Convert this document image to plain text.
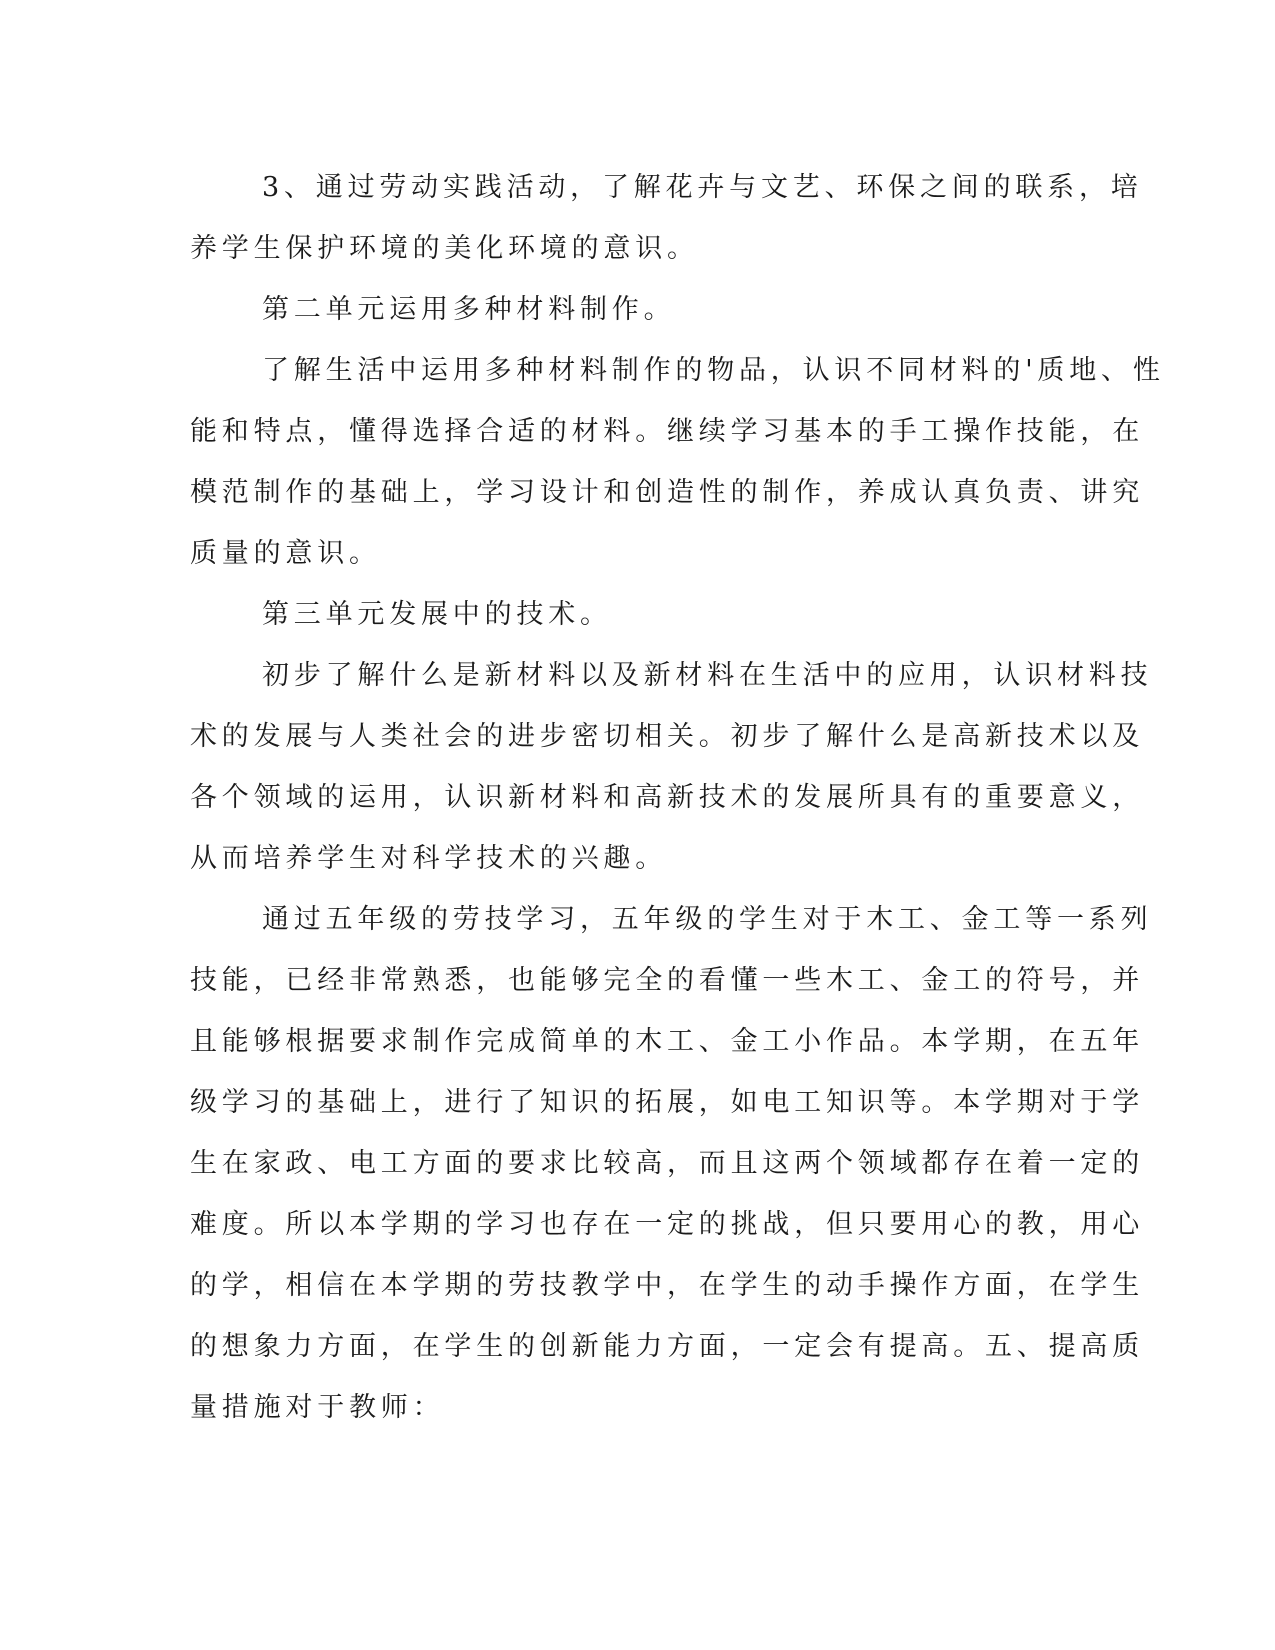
3、通过劳动实践活动，了解花卉与文艺、环保之间的联系，培
养学生保护环境的美化环境的意识。
第二单元运用多种材料制作。
了解生活中运用多种材料制作的物品，认识不同材料的'质地、性
能和特点，懂得选择合适的材料。继续学习基本的手工操作技能，在
模范制作的基础上，学习设计和创造性的制作，养成认真负责、讲究
质量的意识。
第三单元发展中的技术。
初步了解什么是新材料以及新材料在生活中的应用，认识材料技
术的发展与人类社会的进步密切相关。初步了解什么是高新技术以及
各个领域的运用，认识新材料和高新技术的发展所具有的重要意义，
从而培养学生对科学技术的兴趣。
通过五年级的劳技学习，五年级的学生对于木工、金工等一系列
技能，已经非常熟悉，也能够完全的看懂一些木工、金工的符号，并
且能够根据要求制作完成简单的木工、金工小作品。本学期，在五年
级学习的基础上，进行了知识的拓展，如电工知识等。本学期对于学
生在家政、电工方面的要求比较高，而且这两个领域都存在着一定的
难度。所以本学期的学习也存在一定的挑战，但只要用心的教，用心
的学，相信在本学期的劳技教学中，在学生的动手操作方面，在学生
的想象力方面，在学生的创新能力方面，一定会有提高。五、提高质
量措施对于教师：
